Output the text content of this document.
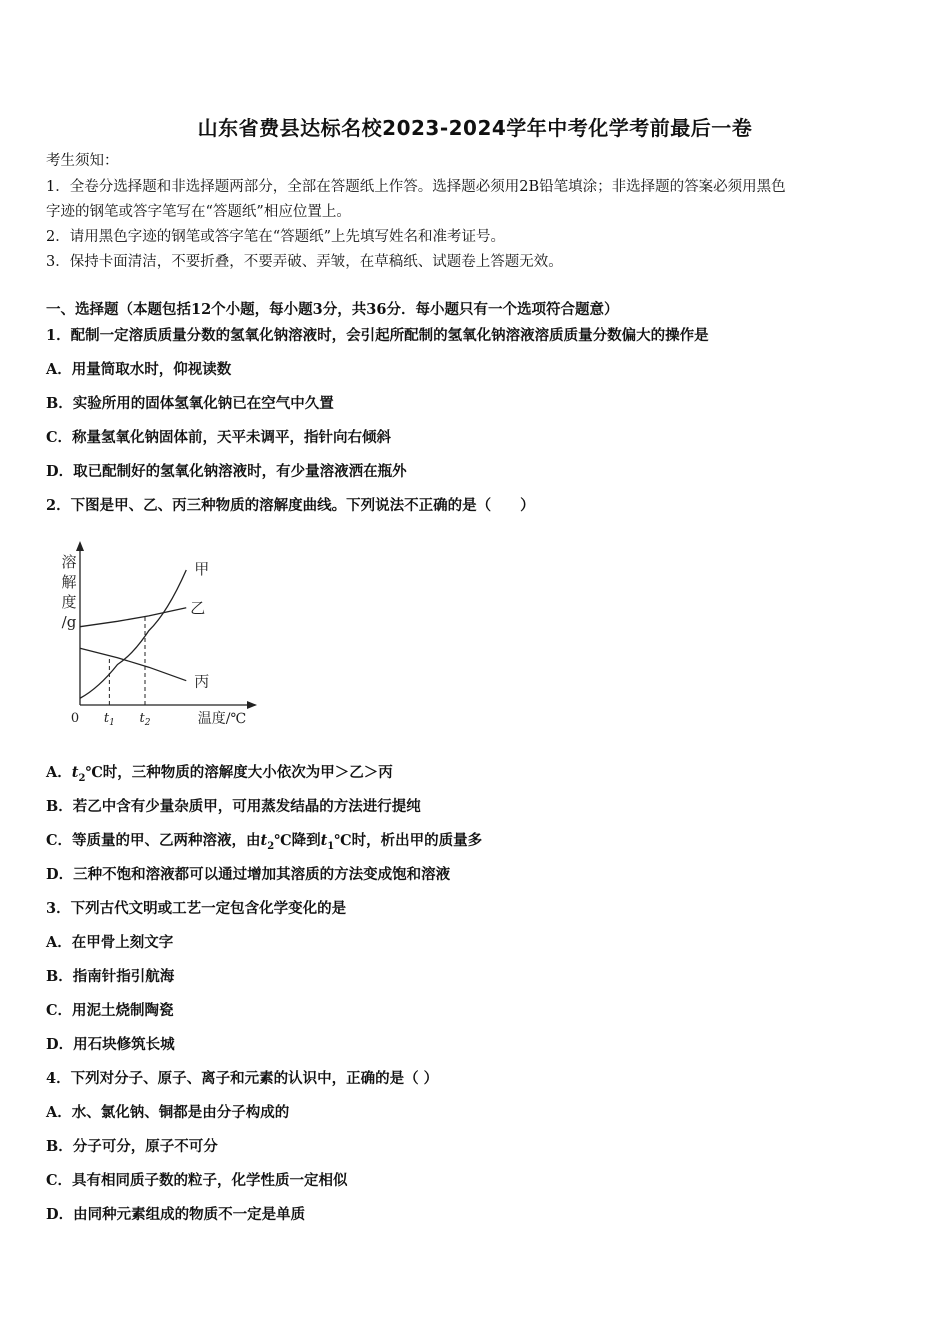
山东省费县达标名校2023-2024学年中考化学考前最后一卷
考生须知：
1．全卷分选择题和非选择题两部分，全部在答题纸上作答。选择题必须用2B铅笔填涂；非选择题的答案必须用黑色
字迹的钢笔或答字笔写在“答题纸”相应位置上。
2．请用黑色字迹的钢笔或答字笔在“答题纸”上先填写姓名和准考证号。
3．保持卡面清洁，不要折叠，不要弄破、弄皱，在草稿纸、试题卷上答题无效。
一、选择题（本题包括12个小题，每小题3分，共36分．每小题只有一个选项符合题意）
1．配制一定溶质质量分数的氢氧化钠溶液时，会引起所配制的氢氧化钠溶液溶质质量分数偏大的操作是
A．用量筒取水时，仰视读数
B．实验所用的固体氢氧化钠已在空气中久置
C．称量氢氧化钠固体前，天平未调平，指针向右倾斜
D．取已配制好的氢氧化钠溶液时，有少量溶液洒在瓶外
2．下图是甲、乙、丙三种物质的溶解度曲线。下列说法不正确的是（　　）
溶
解
度
/g
0	温度/℃
$t_1$ $t_2$
甲
乙
丙
A．$t_2℃$时，三种物质的溶解度大小依次为甲＞乙＞丙
B．若乙中含有少量杂质甲，可用蒸发结晶的方法进行提纯
C．等质量的甲、乙两种溶液，由$t_2℃$降到$t_1℃$时，析出甲的质量多
D．三种不饱和溶液都可以通过增加其溶质的方法变成饱和溶液
3．下列古代文明或工艺一定包含化学变化的是
A．在甲骨上刻文字
B．指南针指引航海
C．用泥土烧制陶瓷
D．用石块修筑长城
4．下列对分子、原子、离子和元素的认识中，正确的是（ ）
A．水、氯化钠、铜都是由分子构成的
B．分子可分，原子不可分
C．具有相同质子数的粒子，化学性质一定相似
D．由同种元素组成的物质不一定是单质
